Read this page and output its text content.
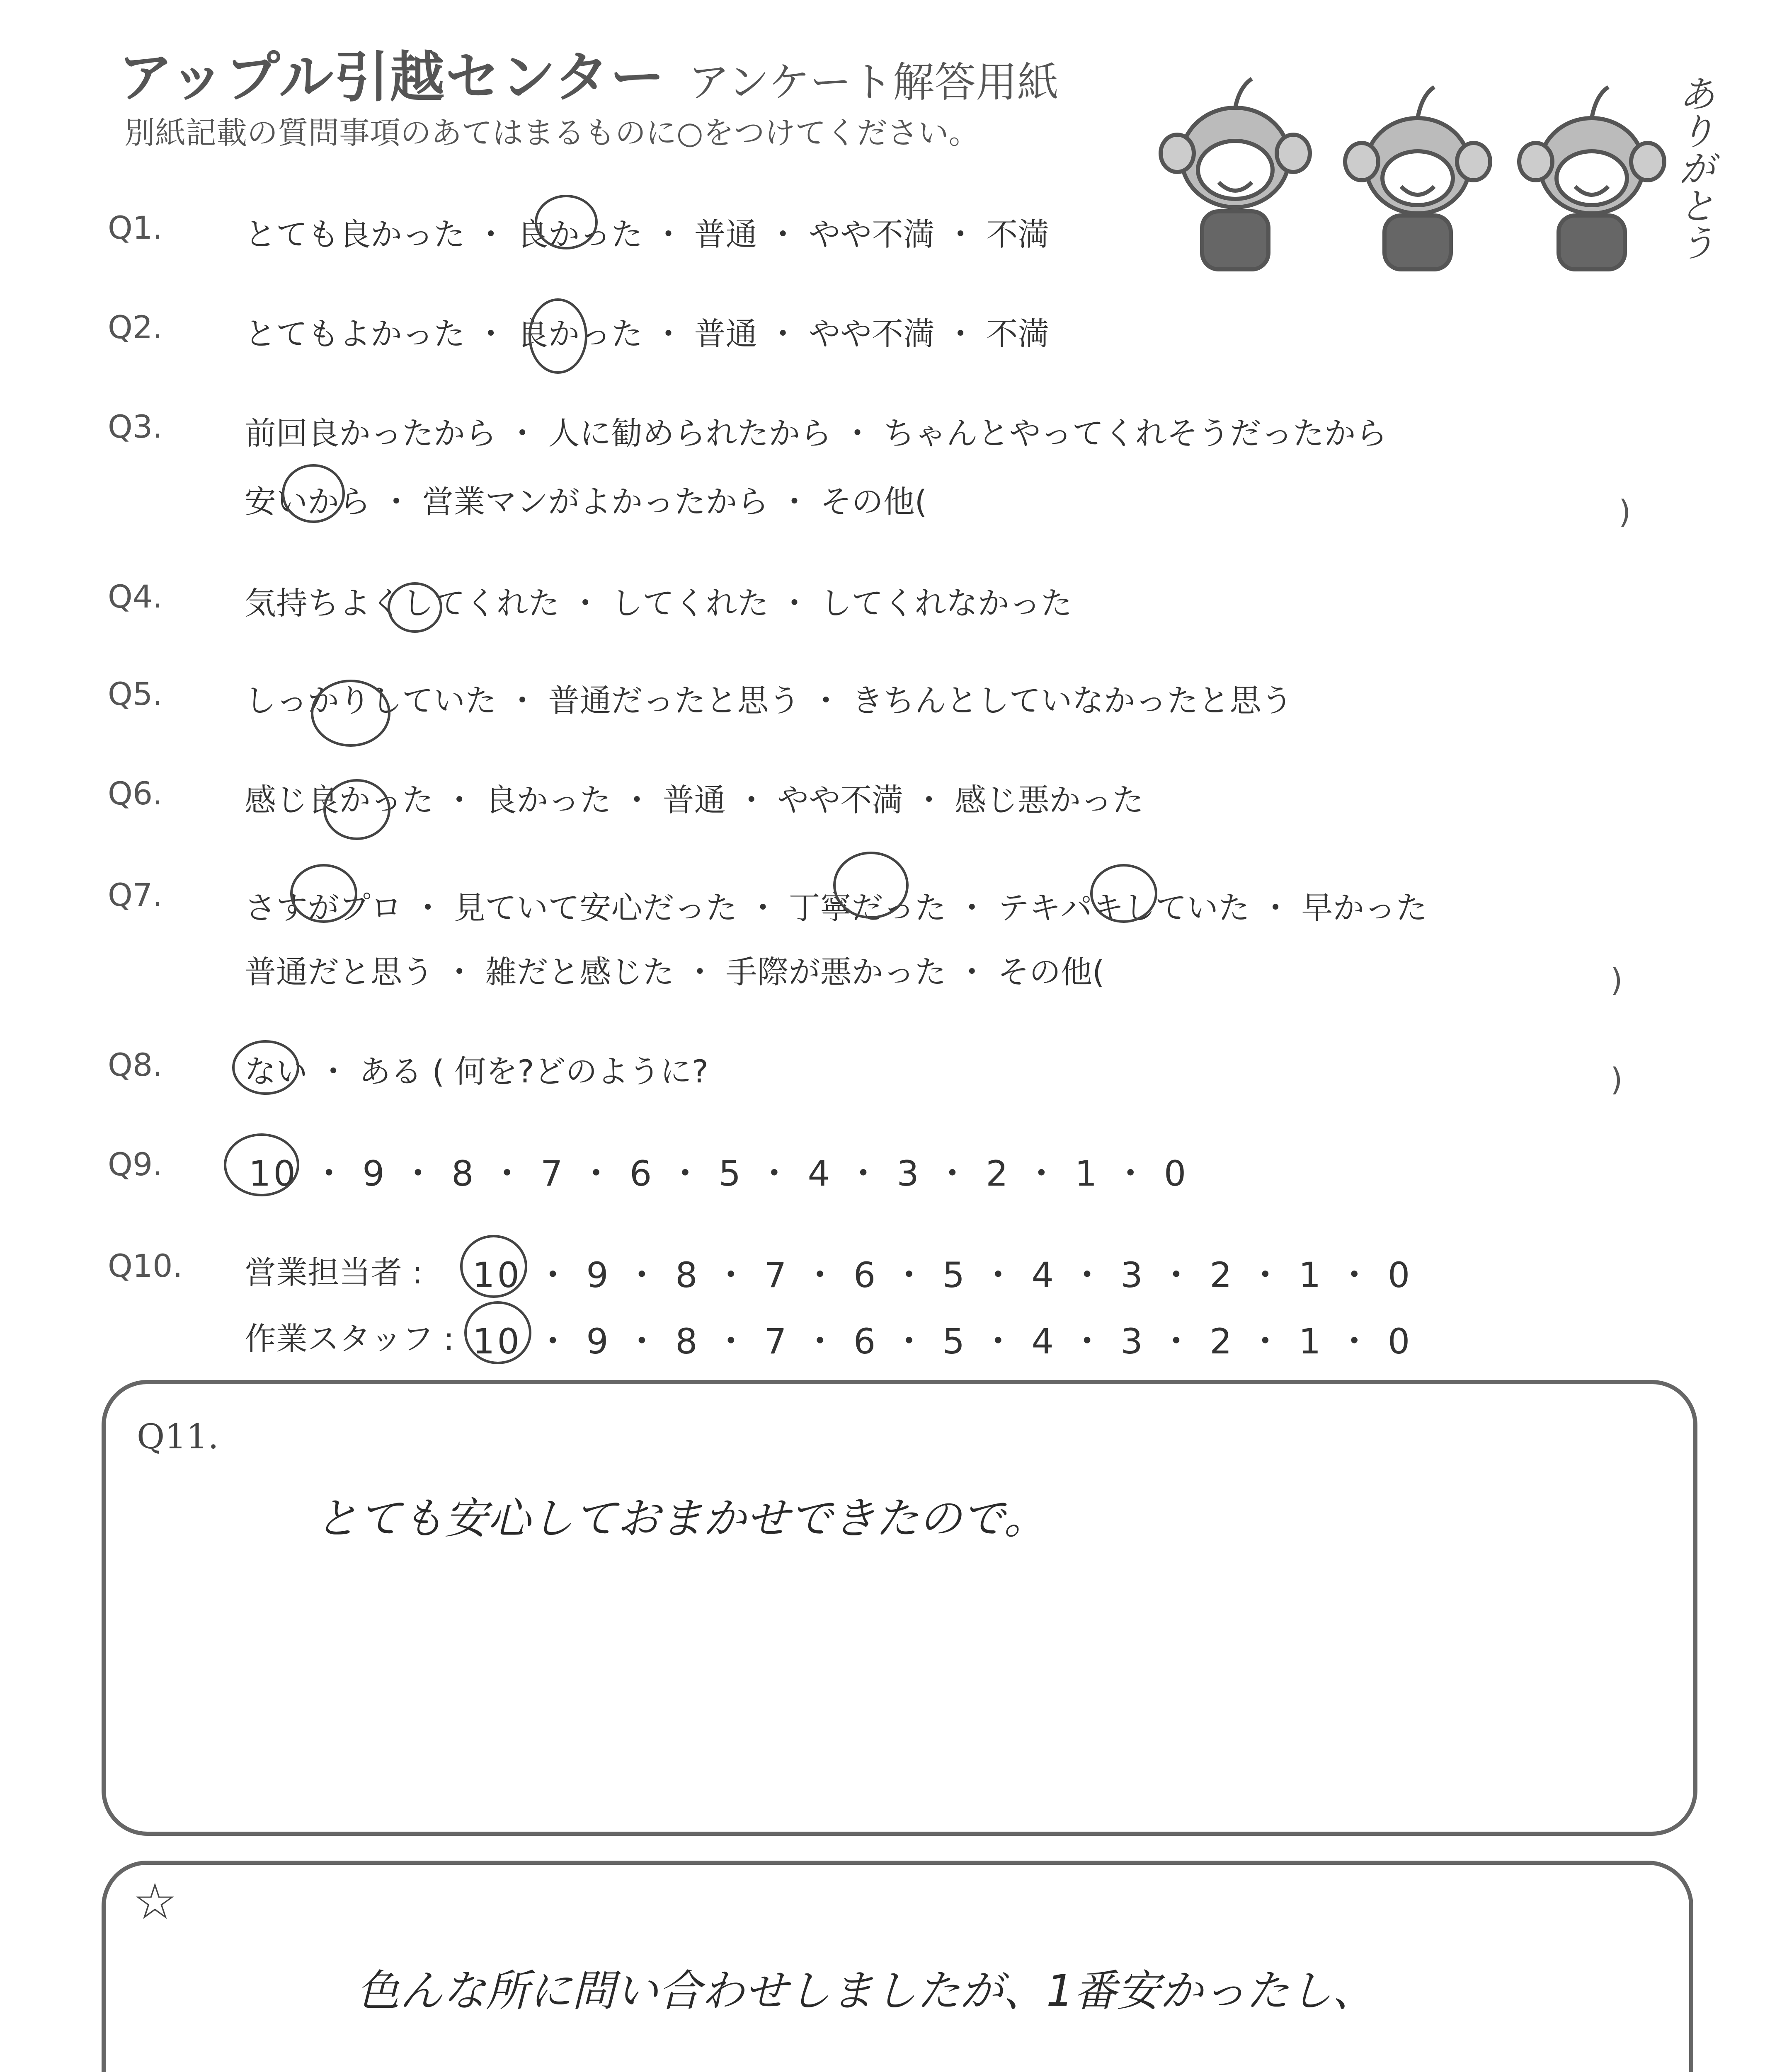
アップル引越センター アンケート解答用紙
別紙記載の質問事項のあてはまるものに○をつけてください。	ありがとう
Q1.	とても良かった ・ 良かった ・ 普通 ・ やや不満 ・ 不満
Q2.	とてもよかった ・ 良かった ・ 普通 ・ やや不満 ・ 不満
Q3.	前回良かったから ・ 人に勧められたから ・ ちゃんとやってくれそうだったから
安いから ・ 営業マンがよかったから ・ その他(	)
Q4.	気持ちよくしてくれた ・ してくれた ・ してくれなかった
Q5.	しっかりしていた ・ 普通だったと思う ・ きちんとしていなかったと思う
Q6.	感じ良かった ・ 良かった ・ 普通 ・ やや不満 ・ 感じ悪かった
Q7.	さすがプロ ・ 見ていて安心だった ・ 丁寧だった ・ テキパキしていた ・ 早かった
普通だと思う ・ 雑だと感じた ・ 手際が悪かった ・ その他(	)
Q8.	ない ・ ある ( 何を?どのように?	)
Q9. 10 ・ 9 ・ 8 ・ 7 ・ 6 ・ 5 ・ 4 ・ 3 ・ 2 ・ 1 ・ 0
Q10. 営業担当者 : 10 ・ 9 ・ 8 ・ 7 ・ 6 ・ 5 ・ 4 ・ 3 ・ 2 ・ 1 ・ 0
作業スタッフ : 10 ・ 9 ・ 8 ・ 7 ・ 6 ・ 5 ・ 4 ・ 3 ・ 2 ・ 1 ・ 0
Q11.
とても安心しておまかせできたので。
☆
色んな所に問い合わせしましたが、1番安かったし、
